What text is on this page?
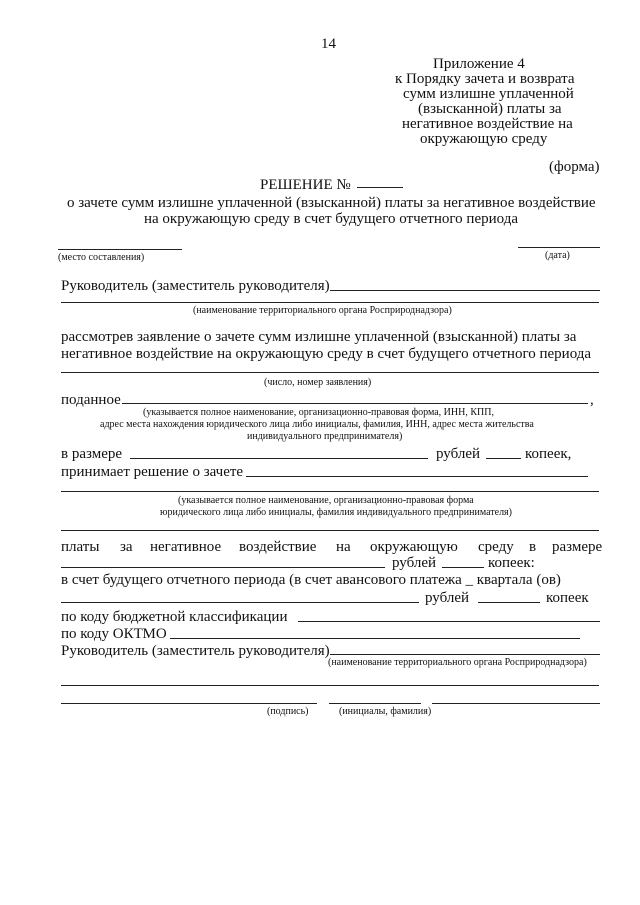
14
Приложение 4
к Порядку зачета и возврата
сумм излишне уплаченной
(взысканной) платы за
негативное воздействие на
окружающую среду
(форма)
РЕШЕНИЕ №
о зачете сумм излишне уплаченной (взысканной) платы за негативное воздействие
на окружающую среду в счет будущего отчетного периода
(место составления)	(дата)
Руководитель (заместитель руководителя)
(наименование территориального органа Росприроднадзора)
рассмотрев заявление о зачете сумм излишне уплаченной (взысканной) платы за
негативное воздействие на окружающую среду в счет будущего отчетного периода
(число, номер заявления)
поданное	,
(указывается полное наименование, организационно-правовая форма, ИНН, КПП,
адрес места нахождения юридического лица либо инициалы, фамилия, ИНН, адрес места жительства
индивидуального предпринимателя)
в размере	рублей	копеек,
принимает решение о зачете
(указывается полное наименование, организационно-правовая форма
юридического лица либо инициалы, фамилия индивидуального предпринимателя)
платы за негативное воздействие на окружающую среду в размере
рублей	копеек:
в счет будущего отчетного периода (в счет авансового платежа _ квартала (ов)
рублей	копеек
по коду бюджетной классификации
по коду ОКТМО
Руководитель (заместитель руководителя)
(наименование территориального органа Росприроднадзора)
(подпись)	(инициалы, фамилия)
